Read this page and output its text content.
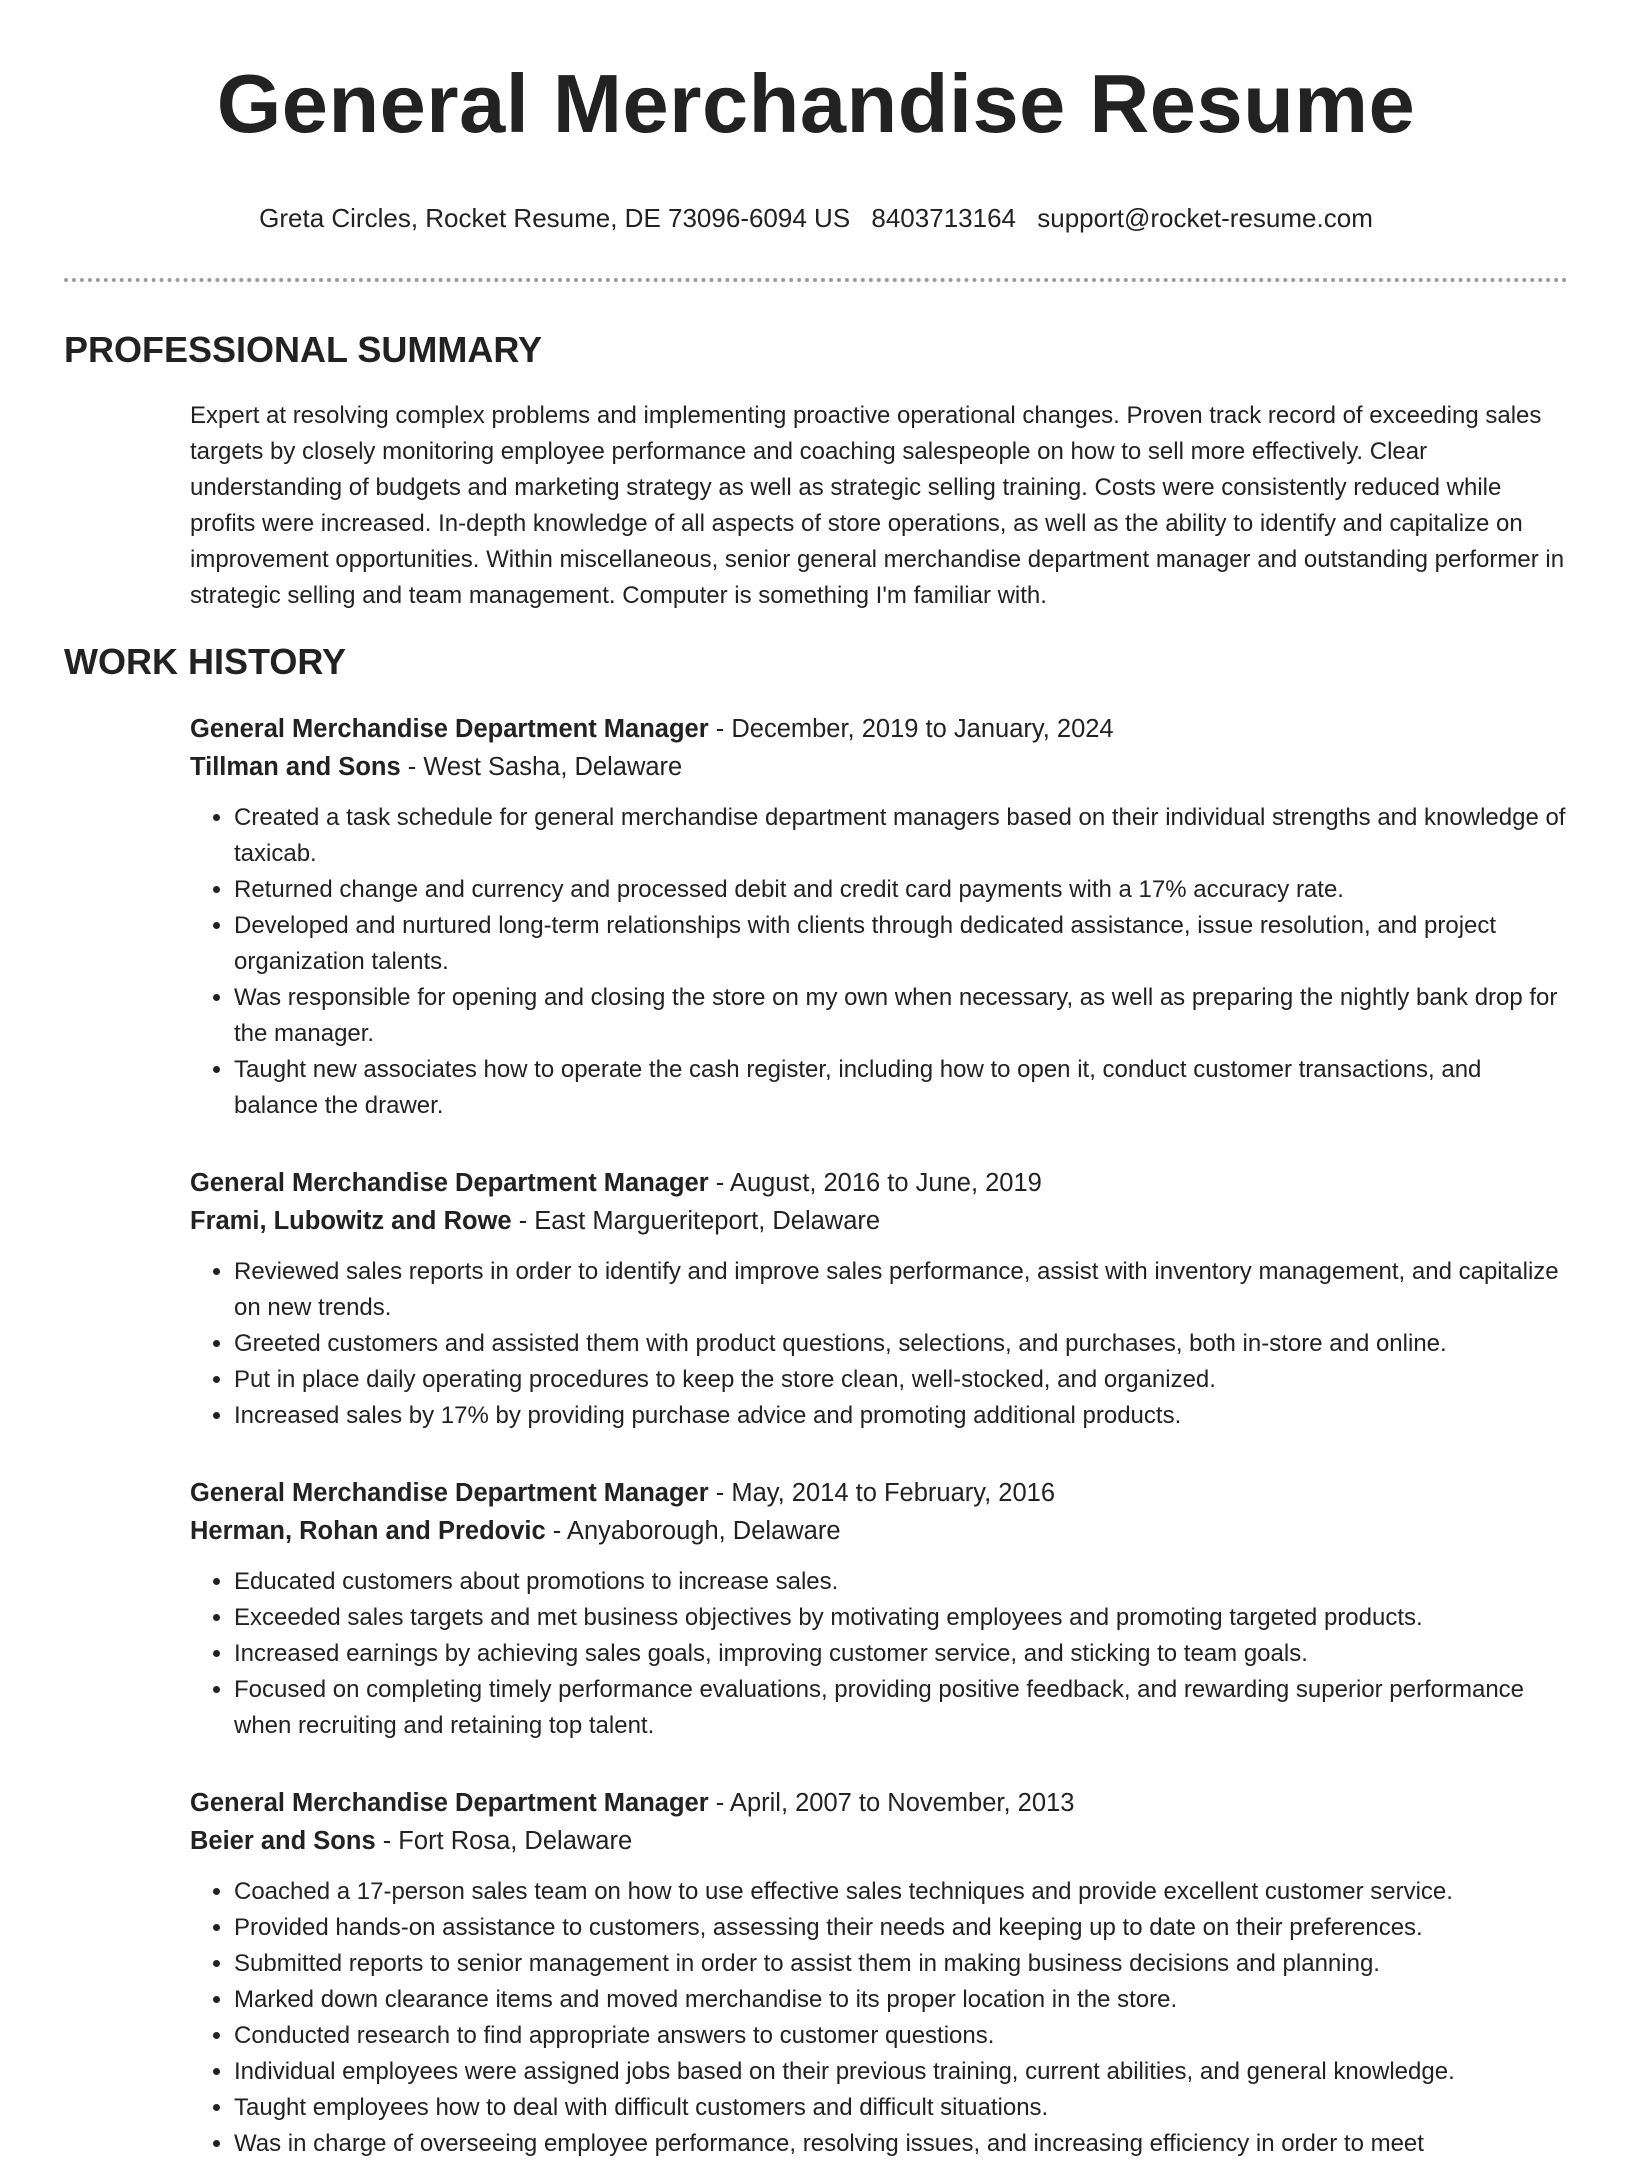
General Merchandise Resume
Greta Circles, Rocket Resume, DE 73096-6094 US 8403713164 support@rocket-resume.com
PROFESSIONAL SUMMARY

Expert at resolving complex problems and implementing proactive operational changes. Proven track record of exceeding sales targets by closely monitoring employee performance and coaching salespeople on how to sell more effectively. Clear understanding of budgets and marketing strategy as well as strategic selling training. Costs were consistently reduced while profits were increased. In-depth knowledge of all aspects of store operations, as well as the ability to identify and capitalize on improvement opportunities. Within miscellaneous, senior general merchandise department manager and outstanding performer in strategic selling and team management. Computer is something I'm familiar with.

WORK HISTORY
General Merchandise Department Manager - December, 2019 to January, 2024
Tillman and Sons - West Sasha, Delaware
• Created a task schedule for general merchandise department managers based on their individual strengths and knowledge of taxicab.
• Returned change and currency and processed debit and credit card payments with a 17% accuracy rate.
• Developed and nurtured long-term relationships with clients through dedicated assistance, issue resolution, and project organization talents.
• Was responsible for opening and closing the store on my own when necessary, as well as preparing the nightly bank drop for the manager.
• Taught new associates how to operate the cash register, including how to open it, conduct customer transactions, and balance the drawer.
General Merchandise Department Manager - August, 2016 to June, 2019
Frami, Lubowitz and Rowe - East Margueriteport, Delaware
• Reviewed sales reports in order to identify and improve sales performance, assist with inventory management, and capitalize on new trends.
• Greeted customers and assisted them with product questions, selections, and purchases, both in-store and online.
• Put in place daily operating procedures to keep the store clean, well-stocked, and organized.
• Increased sales by 17% by providing purchase advice and promoting additional products.
General Merchandise Department Manager - May, 2014 to February, 2016
Herman, Rohan and Predovic - Anyaborough, Delaware
• Educated customers about promotions to increase sales.
• Exceeded sales targets and met business objectives by motivating employees and promoting targeted products.
• Increased earnings by achieving sales goals, improving customer service, and sticking to team goals.
• Focused on completing timely performance evaluations, providing positive feedback, and rewarding superior performance when recruiting and retaining top talent.
General Merchandise Department Manager - April, 2007 to November, 2013
Beier and Sons - Fort Rosa, Delaware
• Coached a 17-person sales team on how to use effective sales techniques and provide excellent customer service.
• Provided hands-on assistance to customers, assessing their needs and keeping up to date on their preferences.
• Submitted reports to senior management in order to assist them in making business decisions and planning.
• Marked down clearance items and moved merchandise to its proper location in the store.
• Conducted research to find appropriate answers to customer questions.
• Individual employees were assigned jobs based on their previous training, current abilities, and general knowledge.
• Taught employees how to deal with difficult customers and difficult situations.
• Was in charge of overseeing employee performance, resolving issues, and increasing efficiency in order to meet
